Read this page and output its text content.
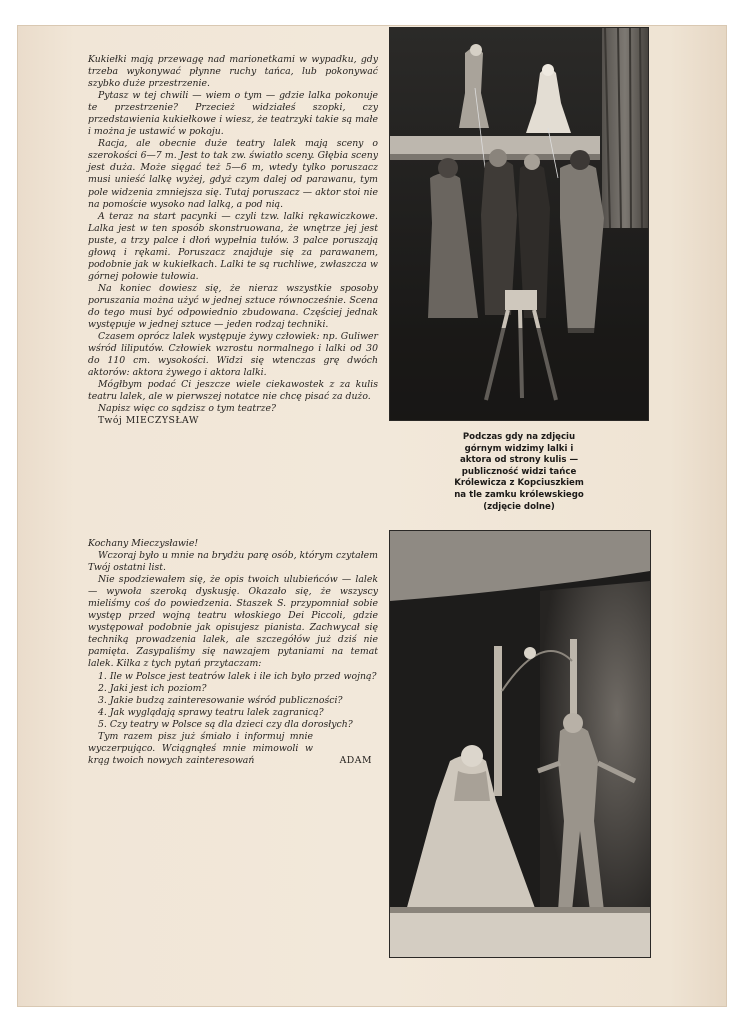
Kukiełki mają przewagę nad marionetkami w wypadku, gdy trzeba wykonywać płynne ruchy tańca, lub pokonywać szybko duże przestrzenie.

Pytasz w tej chwili — wiem o tym — gdzie lalka pokonuje te przestrzenie? Przecież widziałeś szopki, czy przedstawienia kukiełkowe i wiesz, że teatrzyki takie są małe i można je ustawić w pokoju.

Racja, ale obecnie duże teatry lalek mają sceny o szerokości 6—7 m. Jest to tak zw. światło sceny. Głębia sceny jest duża. Może sięgać też 5—6 m, wtedy tylko poruszacz musi unieść lalkę wyżej, gdyż czym dalej od parawanu, tym pole widzenia zmniejsza się. Tutaj poruszacz — aktor stoi nie na pomoście wysoko nad lalką, a pod nią.

A teraz na start pacynki — czyli tzw. lalki rękawiczkowe. Lalka jest w ten sposób skonstruowana, że wnętrze jej jest puste, a trzy palce i dłoń wypełnia tułów. 3 palce poruszają głową i rękami. Poruszacz znajduje się za parawanem, podobnie jak w kukiełkach. Lalki te są ruchliwe, zwłaszcza w górnej połowie tułowia.

Na koniec dowiesz się, że nieraz wszystkie sposoby poruszania można użyć w jednej sztuce równocześnie. Scena do tego musi być odpowiednio zbudowana. Częściej jednak występuje w jednej sztuce — jeden rodzaj techniki.

Czasem oprócz lalek występuje żywy człowiek: np. Guliwer wśród liliputów. Człowiek wzrostu normalnego i lalki od 30 do 110 cm. wysokości. Widzi się wtenczas grę dwóch aktorów: aktora żywego i aktora lalki.

Mógłbym podać Ci jeszcze wiele ciekawostek z za kulis teatru lalek, ale w pierwszej notatce nie chcę pisać za dużo.

Napisz więc co sądzisz o tym teatrze?

Twój MIECZYSŁAW

Kochany Mieczysławie!

Wczoraj było u mnie na brydżu parę osób, którym czytałem Twój ostatni list.

Nie spodziewałem się, że opis twoich ulubieńców — lalek — wywoła szeroką dyskusję. Okazało się, że wszyscy mieliśmy coś do powiedzenia. Staszek S. przypomniał sobie występ przed wojną teatru włoskiego Dei Piccoli, gdzie występował podobnie jak opisujesz pianista. Zachwycał się techniką prowadzenia lalek, ale szczegółów już dziś nie pamięta. Zasypaliśmy się nawzajem pytaniami na temat lalek. Kilka z tych pytań przytaczam:

1. Ile w Polsce jest teatrów lalek i ile ich było przed wojną?

2. Jaki jest ich poziom?

3. Jakie budzą zainteresowanie wśród publiczności?

4. Jak wyglądają sprawy teatru lalek zagranicą?

5. Czy teatry w Polsce są dla dzieci czy dla dorosłych?

Tym razem pisz już śmiało i informuj mnie wyczerpująco. Wciągnąłeś mnie mimowoli w krąg twoich nowych zainteresowań	ADAM

Podczas gdy na zdjęciu górnym widzimy lalki i aktora od strony kulis — publiczność widzi tańce Królewicza z Kopciuszkiem na tle zamku królewskiego (zdjęcie dolne)
